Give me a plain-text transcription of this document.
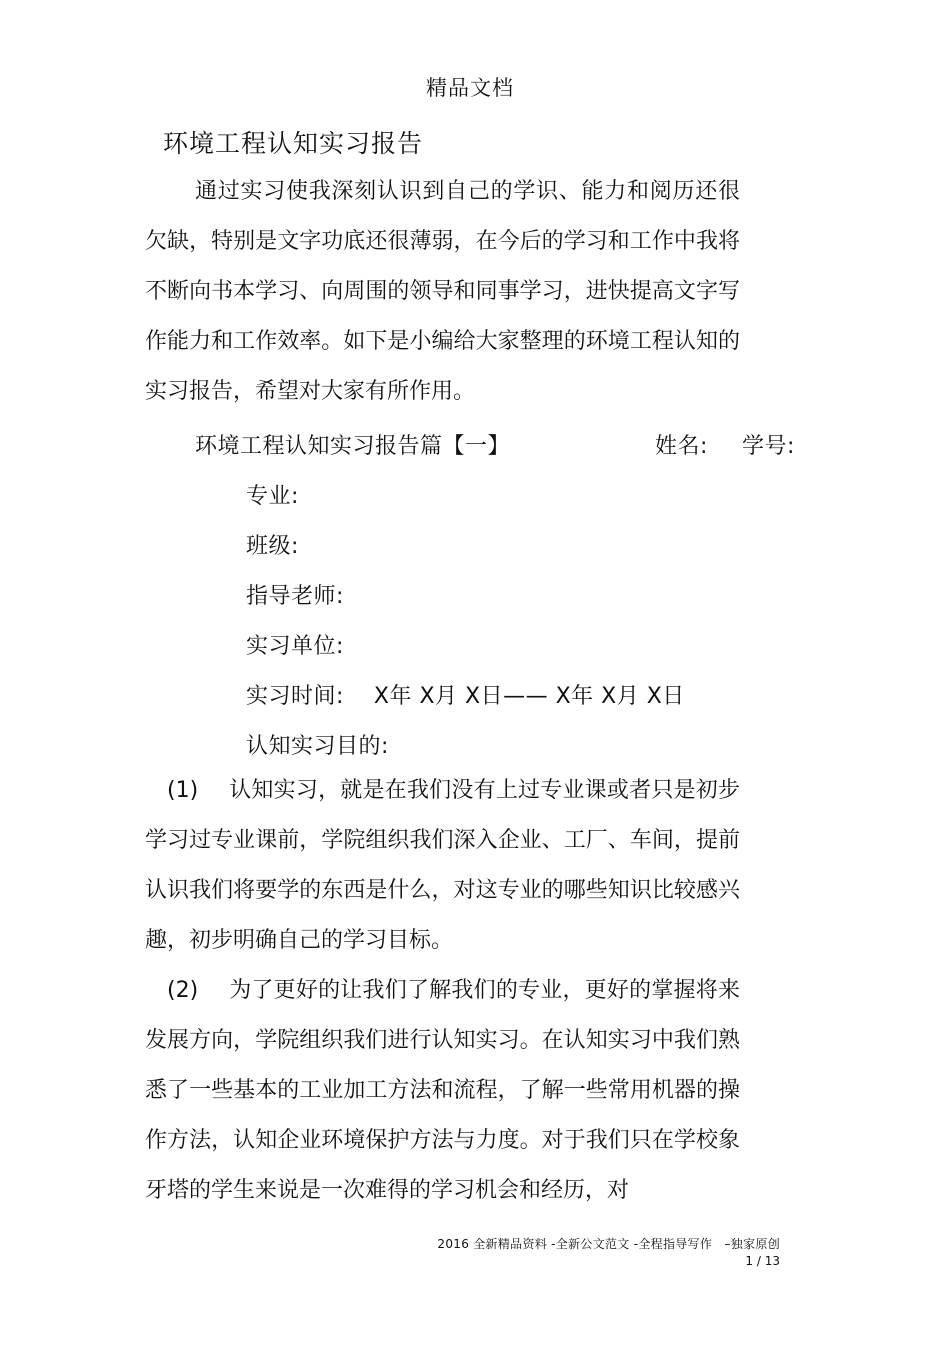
精品文档
环境工程认知实习报告
通过实习使我深刻认识到自己的学识、能力和阅历还很欠缺，特别是文字功底还很薄弱，在今后的学习和工作中我将不断向书本学习、向周围的领导和同事学习，进快提高文字写作能力和工作效率。如下是小编给大家整理的环境工程认知的实习报告，希望对大家有所作用。
环境工程认知实习报告篇【一】	姓名: 学号:
专业:
班级:
指导老师:
实习单位:
实习时间:    X年 X月 X日—— X年 X月 X日
认知实习目的:
(1) 认知实习，就是在我们没有上过专业课或者只是初步学习过专业课前，学院组织我们深入企业、工厂、车间，提前认识我们将要学的东西是什么，对这专业的哪些知识比较感兴趣，初步明确自己的学习目标。
(2) 为了更好的让我们了解我们的专业，更好的掌握将来发展方向，学院组织我们进行认知实习。在认知实习中我们熟悉了一些基本的工业加工方法和流程，了解一些常用机器的操作方法，认知企业环境保护方法与力度。对于我们只在学校象牙塔的学生来说是一次难得的学习机会和经历，对
2016 全新精品资料 -全新公文范文 -全程指导写作   –独家原创
1 / 13
